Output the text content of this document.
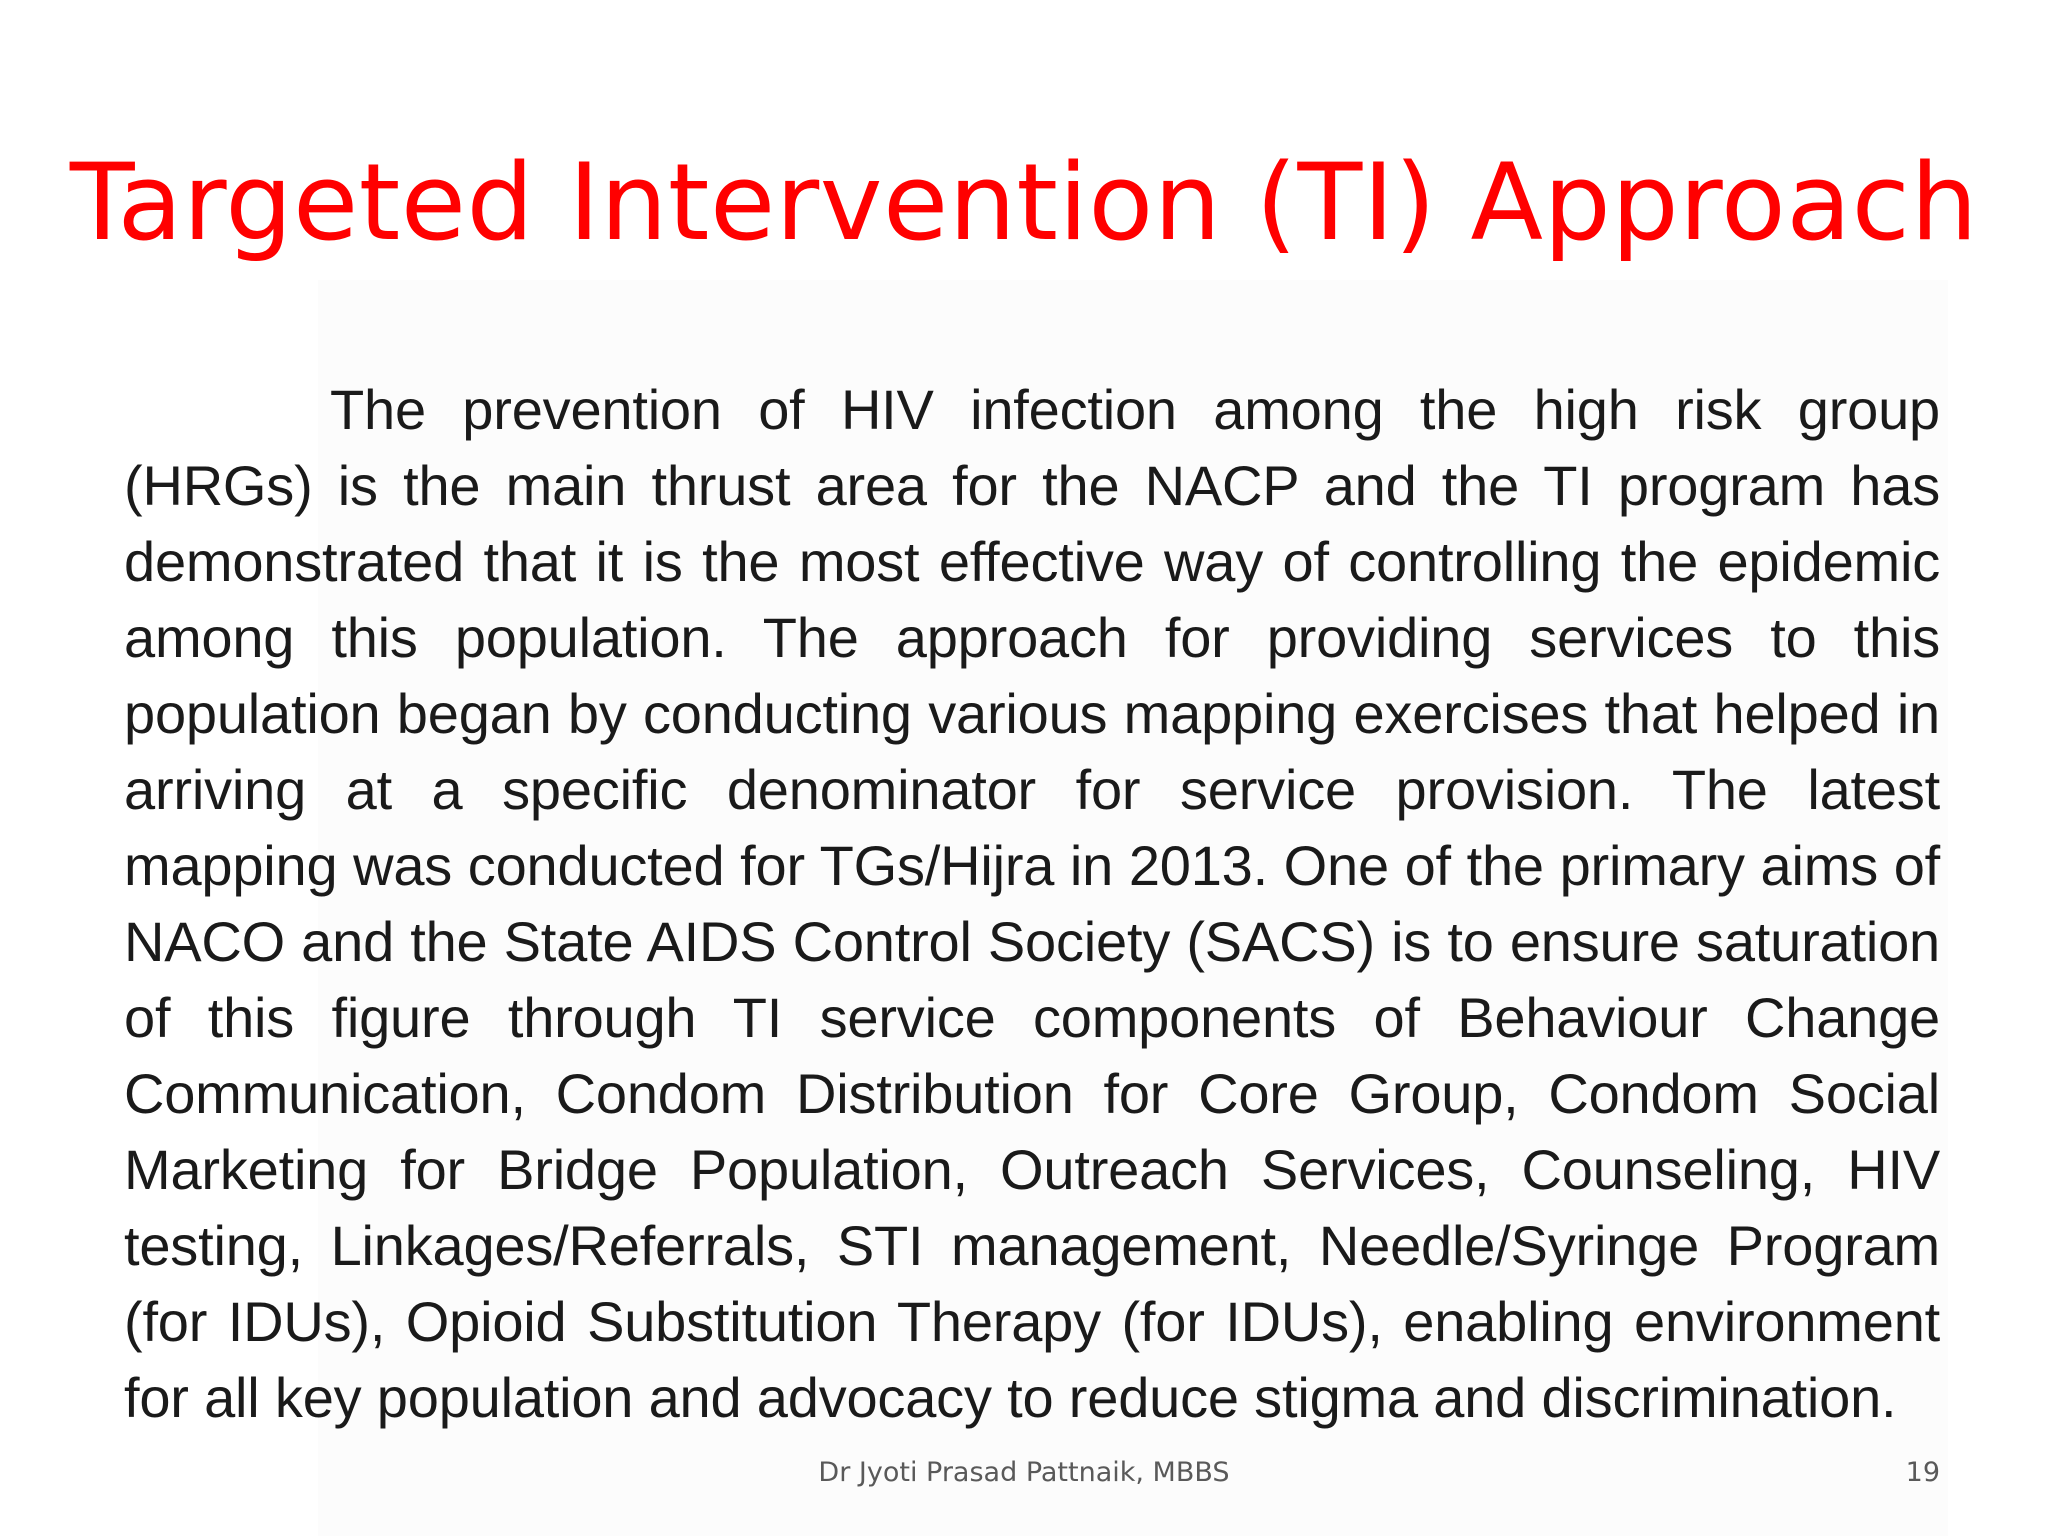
Targeted Intervention (TI) Approach

The prevention of HIV infection among the high risk group (HRGs) is the main thrust area for the NACP and the TI program has demonstrated that it is the most effective way of controlling the epidemic among this population. The approach for providing services to this population began by conducting various mapping exercises that helped in arriving at a specific denominator for service provision. The latest mapping was conducted for TGs/Hijra in 2013. One of the primary aims of NACO and the State AIDS Control Society (SACS) is to ensure saturation of this figure through TI service components of Behaviour Change Communication, Condom Distribution for Core Group, Condom Social Marketing for Bridge Population, Outreach Services, Counseling, HIV testing, Linkages/Referrals, STI management, Needle/Syringe Program (for IDUs), Opioid Substitution Therapy (for IDUs), enabling environment for all key population and advocacy to reduce stigma and discrimination.

Dr Jyoti Prasad Pattnaik, MBBS	19
